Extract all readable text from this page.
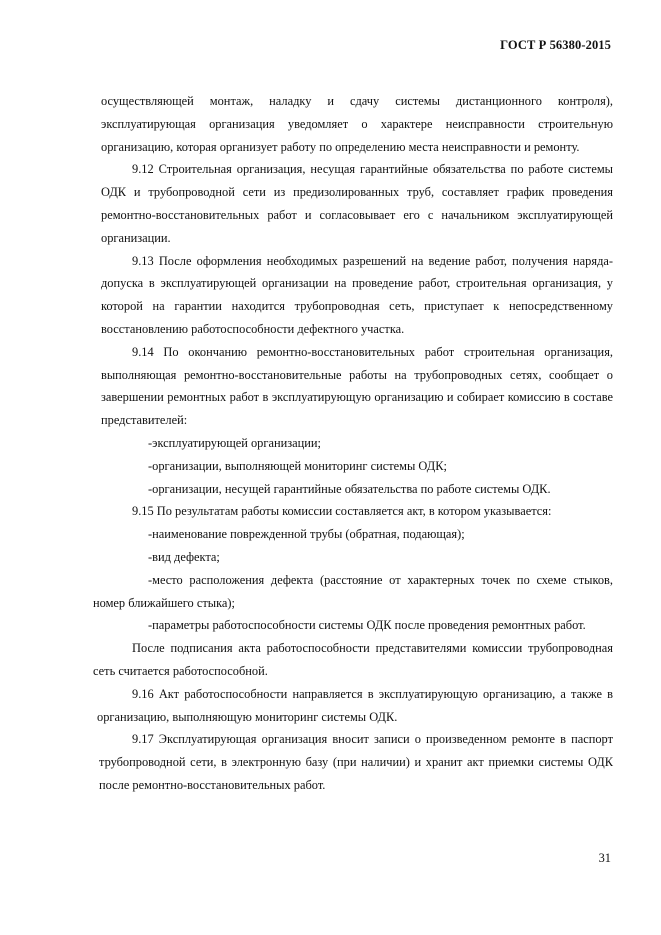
ГОСТ Р 56380-2015

осуществляющей монтаж, наладку и сдачу системы дистанционного контроля), эксплуатирующая организация уведомляет о характере неисправности строительную организацию, которая организует работу по определению места неисправности и ремонту.

9.12 Строительная организация, несущая гарантийные обязательства по работе системы ОДК и трубопроводной сети из предизолированных труб, составляет график проведения ремонтно-восстановительных работ и согласовывает его с начальником эксплуатирующей организации.

9.13 После оформления необходимых разрешений на ведение работ, получения наряда-допуска в эксплуатирующей организации на проведение работ, строительная организация, у которой на гарантии находится трубопроводная сеть, приступает к непосредственному восстановлению работоспособности дефектного участка.

9.14 По окончанию ремонтно-восстановительных работ строительная организация, выполняющая ремонтно-восстановительные работы на трубопроводных сетях, сообщает о завершении ремонтных работ в эксплуатирующую организацию и собирает комиссию в составе представителей:

-эксплуатирующей организации;

-организации, выполняющей мониторинг системы ОДК;

-организации, несущей гарантийные обязательства по работе системы ОДК.

9.15 По результатам работы комиссии составляется акт, в котором указывается:

-наименование поврежденной трубы (обратная, подающая);

-вид дефекта;

-место расположения дефекта (расстояние от характерных точек по схеме стыков, номер ближайшего стыка);

-параметры работоспособности системы ОДК после проведения ремонтных работ.

После подписания акта работоспособности представителями комиссии трубопроводная сеть считается работоспособной.

9.16 Акт работоспособности направляется в эксплуатирующую организацию, а также в организацию, выполняющую мониторинг системы ОДК.

9.17 Эксплуатирующая организация вносит записи о произведенном ремонте в паспорт трубопроводной сети, в электронную базу (при наличии) и хранит акт приемки системы ОДК после ремонтно-восстановительных работ.

31
